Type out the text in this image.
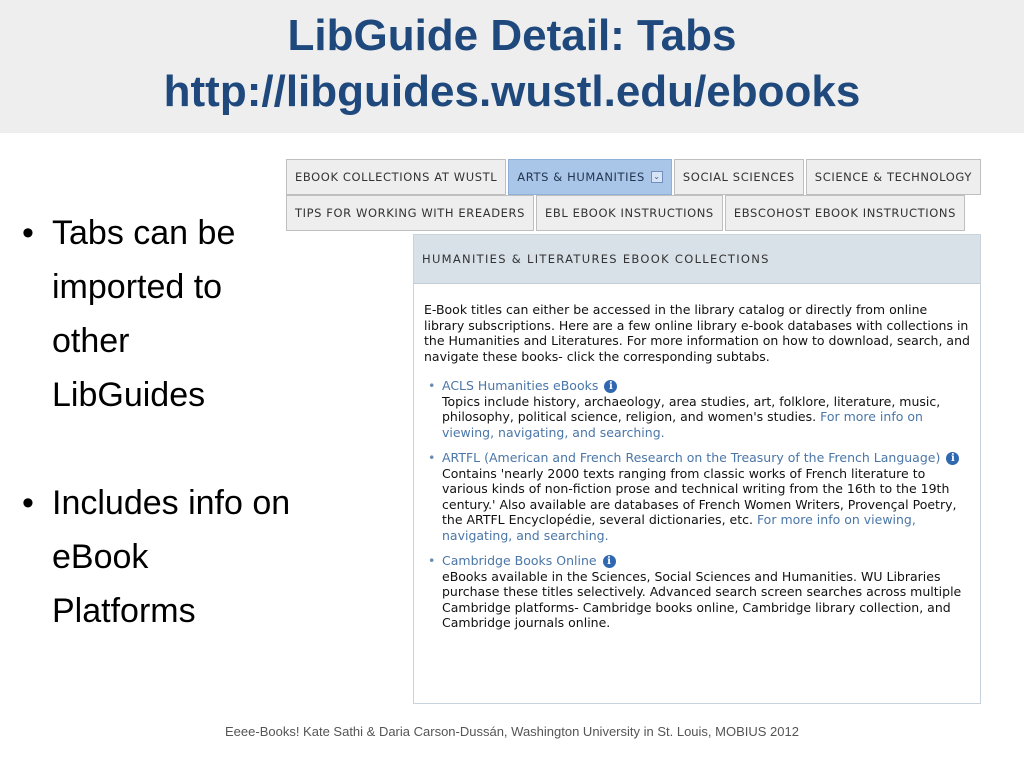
LibGuide Detail: Tabs
http://libguides.wustl.edu/ebooks
• Tabs can be imported to other LibGuides
• Includes info on eBook Platforms
EBOOK COLLECTIONS AT WUSTL	ARTS & HUMANITIES ⌄	SOCIAL SCIENCES	SCIENCE & TECHNOLOGY
TIPS FOR WORKING WITH EREADERS	EBL EBOOK INSTRUCTIONS	EBSCOHOST EBOOK INSTRUCTIONS
HUMANITIES & LITERATURES EBOOK COLLECTIONS

E-Book titles can either be accessed in the library catalog or directly from online library subscriptions. Here are a few online library e-book databases with collections in the Humanities and Literatures. For more information on how to download, search, and navigate these books- click the corresponding subtabs.

• ACLS Humanities eBooks i
Topics include history, archaeology, area studies, art, folklore, literature, music, philosophy, political science, religion, and women's studies. For more info on viewing, navigating, and searching.
• ARTFL (American and French Research on the Treasury of the French Language) i
Contains 'nearly 2000 texts ranging from classic works of French literature to various kinds of non-fiction prose and technical writing from the 16th to the 19th century.' Also available are databases of French Women Writers, Provençal Poetry, the ARTFL Encyclopédie, several dictionaries, etc. For more info on viewing, navigating, and searching.
• Cambridge Books Online i
eBooks available in the Sciences, Social Sciences and Humanities. WU Libraries purchase these titles selectively. Advanced search screen searches across multiple Cambridge platforms- Cambridge books online, Cambridge library collection, and Cambridge journals online.
Eeee-Books! Kate Sathi & Daria Carson-Dussán, Washington University in St. Louis, MOBIUS 2012
